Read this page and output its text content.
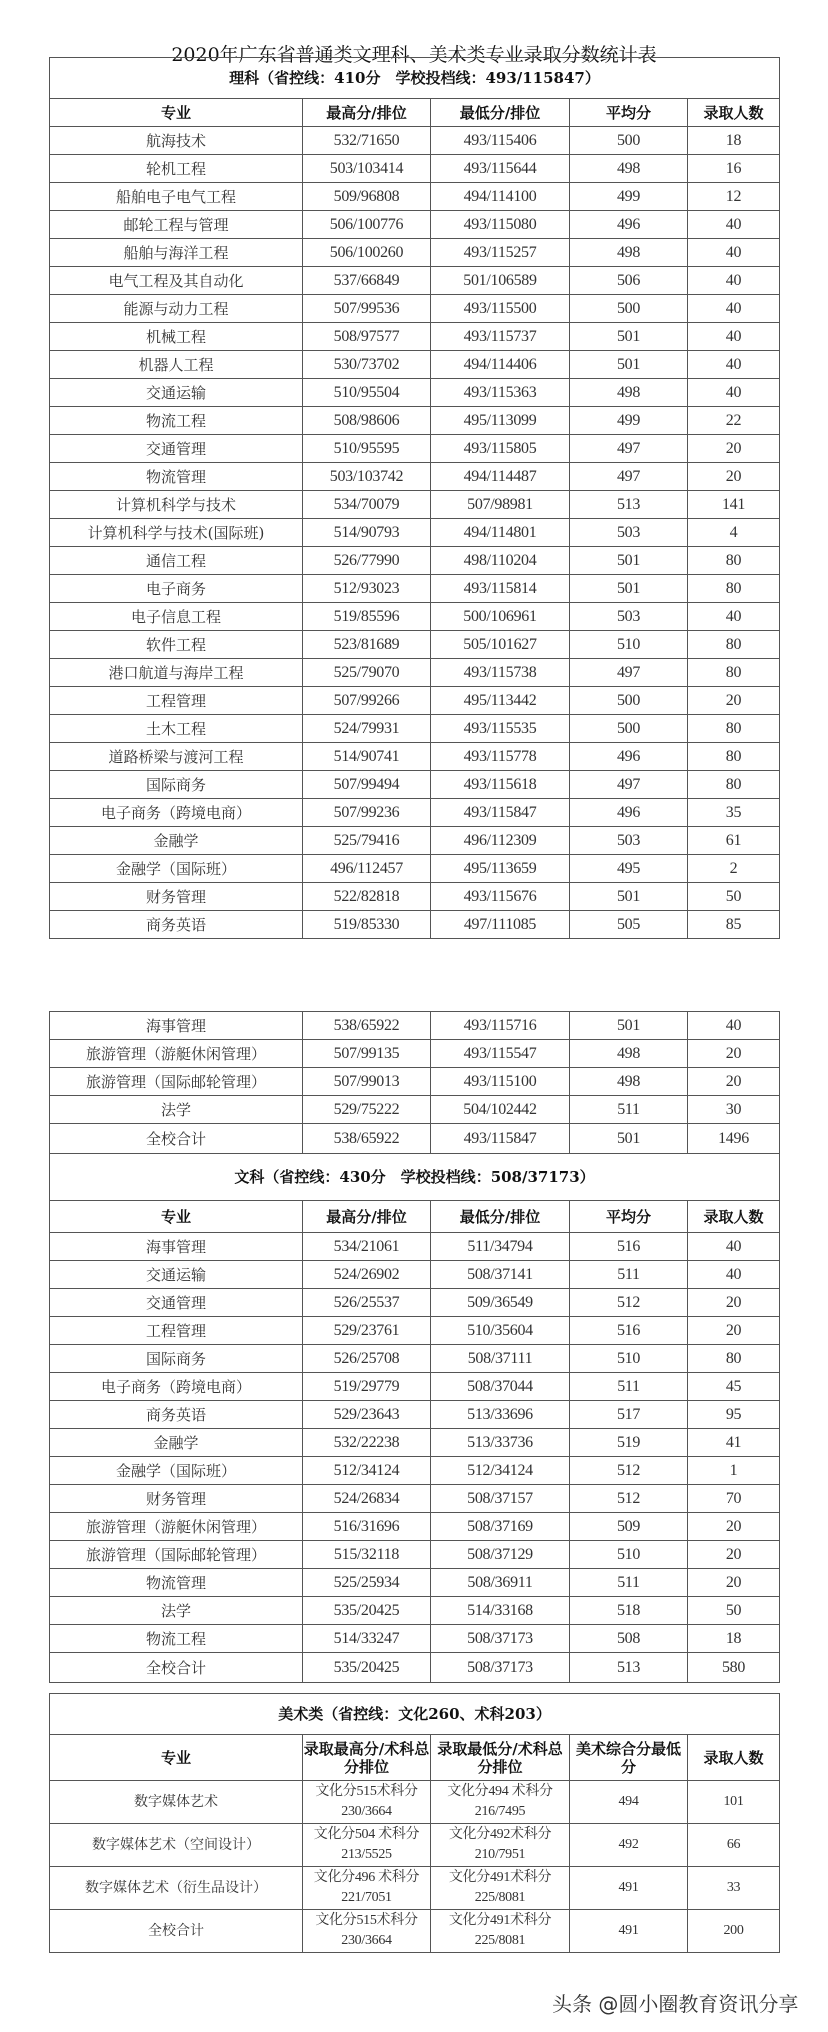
2020年广东省普通类文理科、美术类专业录取分数统计表
理科（省控线：410分　学校投档线：493/115847）				
专业	最高分/排位	最低分/排位	平均分	录取人数
航海技术	532/71650	493/115406	500	18
轮机工程	503/103414	493/115644	498	16
船舶电子电气工程	509/96808	494/114100	499	12
邮轮工程与管理	506/100776	493/115080	496	40
船舶与海洋工程	506/100260	493/115257	498	40
电气工程及其自动化	537/66849	501/106589	506	40
能源与动力工程	507/99536	493/115500	500	40
机械工程	508/97577	493/115737	501	40
机器人工程	530/73702	494/114406	501	40
交通运输	510/95504	493/115363	498	40
物流工程	508/98606	495/113099	499	22
交通管理	510/95595	493/115805	497	20
物流管理	503/103742	494/114487	497	20
计算机科学与技术	534/70079	507/98981	513	141
计算机科学与技术(国际班)	514/90793	494/114801	503	4
通信工程	526/77990	498/110204	501	80
电子商务	512/93023	493/115814	501	80
电子信息工程	519/85596	500/106961	503	40
软件工程	523/81689	505/101627	510	80
港口航道与海岸工程	525/79070	493/115738	497	80
工程管理	507/99266	495/113442	500	20
土木工程	524/79931	493/115535	500	80
道路桥梁与渡河工程	514/90741	493/115778	496	80
国际商务	507/99494	493/115618	497	80
电子商务（跨境电商）	507/99236	493/115847	496	35
金融学	525/79416	496/112309	503	61
金融学（国际班）	496/112457	495/113659	495	2
财务管理	522/82818	493/115676	501	50
商务英语	519/85330	497/111085	505	85
海事管理	538/65922	493/115716	501	40
旅游管理（游艇休闲管理）	507/99135	493/115547	498	20
旅游管理（国际邮轮管理）	507/99013	493/115100	498	20
法学	529/75222	504/102442	511	30
全校合计	538/65922	493/115847	501	1496
文科（省控线：430分　学校投档线：508/37173）				
专业	最高分/排位	最低分/排位	平均分	录取人数
海事管理	534/21061	511/34794	516	40
交通运输	524/26902	508/37141	511	40
交通管理	526/25537	509/36549	512	20
工程管理	529/23761	510/35604	516	20
国际商务	526/25708	508/37111	510	80
电子商务（跨境电商）	519/29779	508/37044	511	45
商务英语	529/23643	513/33696	517	95
金融学	532/22238	513/33736	519	41
金融学（国际班）	512/34124	512/34124	512	1
财务管理	524/26834	508/37157	512	70
旅游管理（游艇休闲管理）	516/31696	508/37169	509	20
旅游管理（国际邮轮管理）	515/32118	508/37129	510	20
物流管理	525/25934	508/36911	511	20
法学	535/20425	514/33168	518	50
物流工程	514/33247	508/37173	508	18
全校合计	535/20425	508/37173	513	580
美术类（省控线：文化260、术科203）				
专业	录取最高分/术科总分排位	录取最低分/术科总分排位	美术综合分最低分	录取人数
数字媒体艺术	文化分515术科分230/3664	文化分494 术科分216/7495	494	101
数字媒体艺术（空间设计）	文化分504 术科分213/5525	文化分492术科分210/7951	492	66
数字媒体艺术（衍生品设计）	文化分496 术科分221/7051	文化分491术科分225/8081	491	33
全校合计	文化分515术科分230/3664	文化分491术科分225/8081	491	200
头条 @圆小圈教育资讯分享
